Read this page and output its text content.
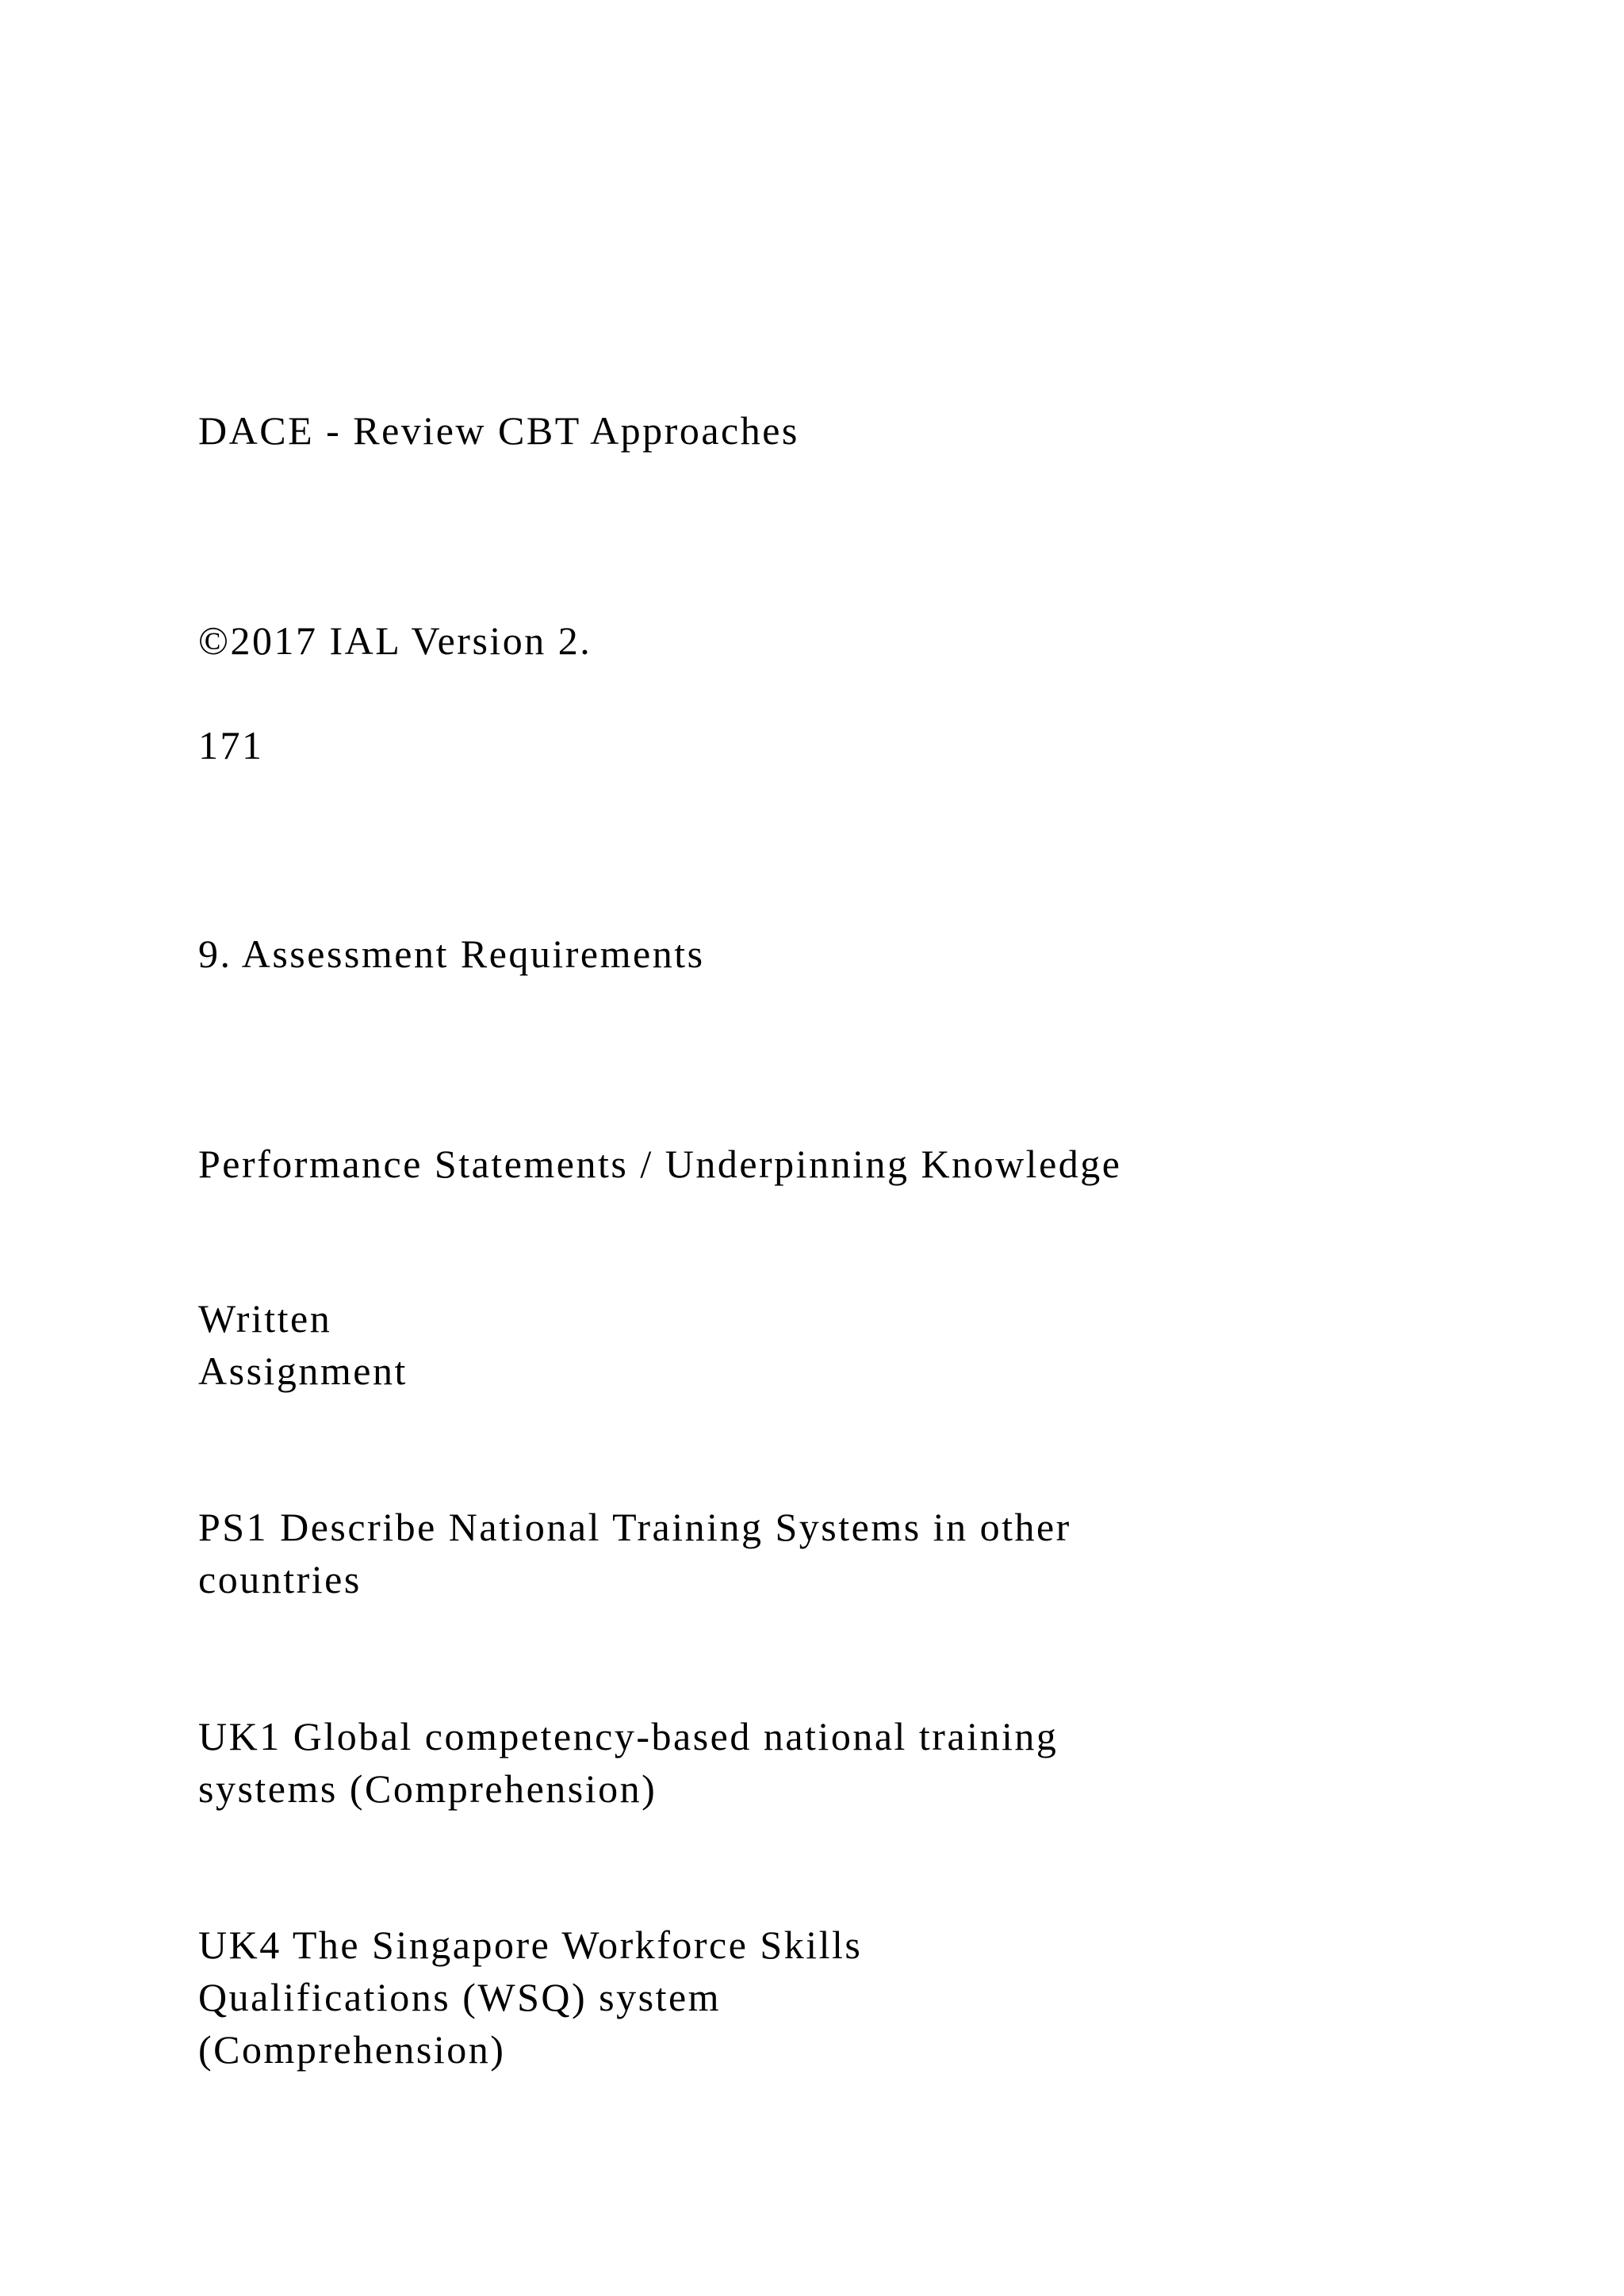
DACE - Review CBT Approaches

©2017 IAL Version 2.

171

9. Assessment Requirements

Performance Statements / Underpinning Knowledge

Written
Assignment
PS1 Describe National Training Systems in other
countries
UK1 Global competency-based national training
systems (Comprehension)
UK4 The Singapore Workforce Skills
Qualifications (WSQ) system
(Comprehension)
